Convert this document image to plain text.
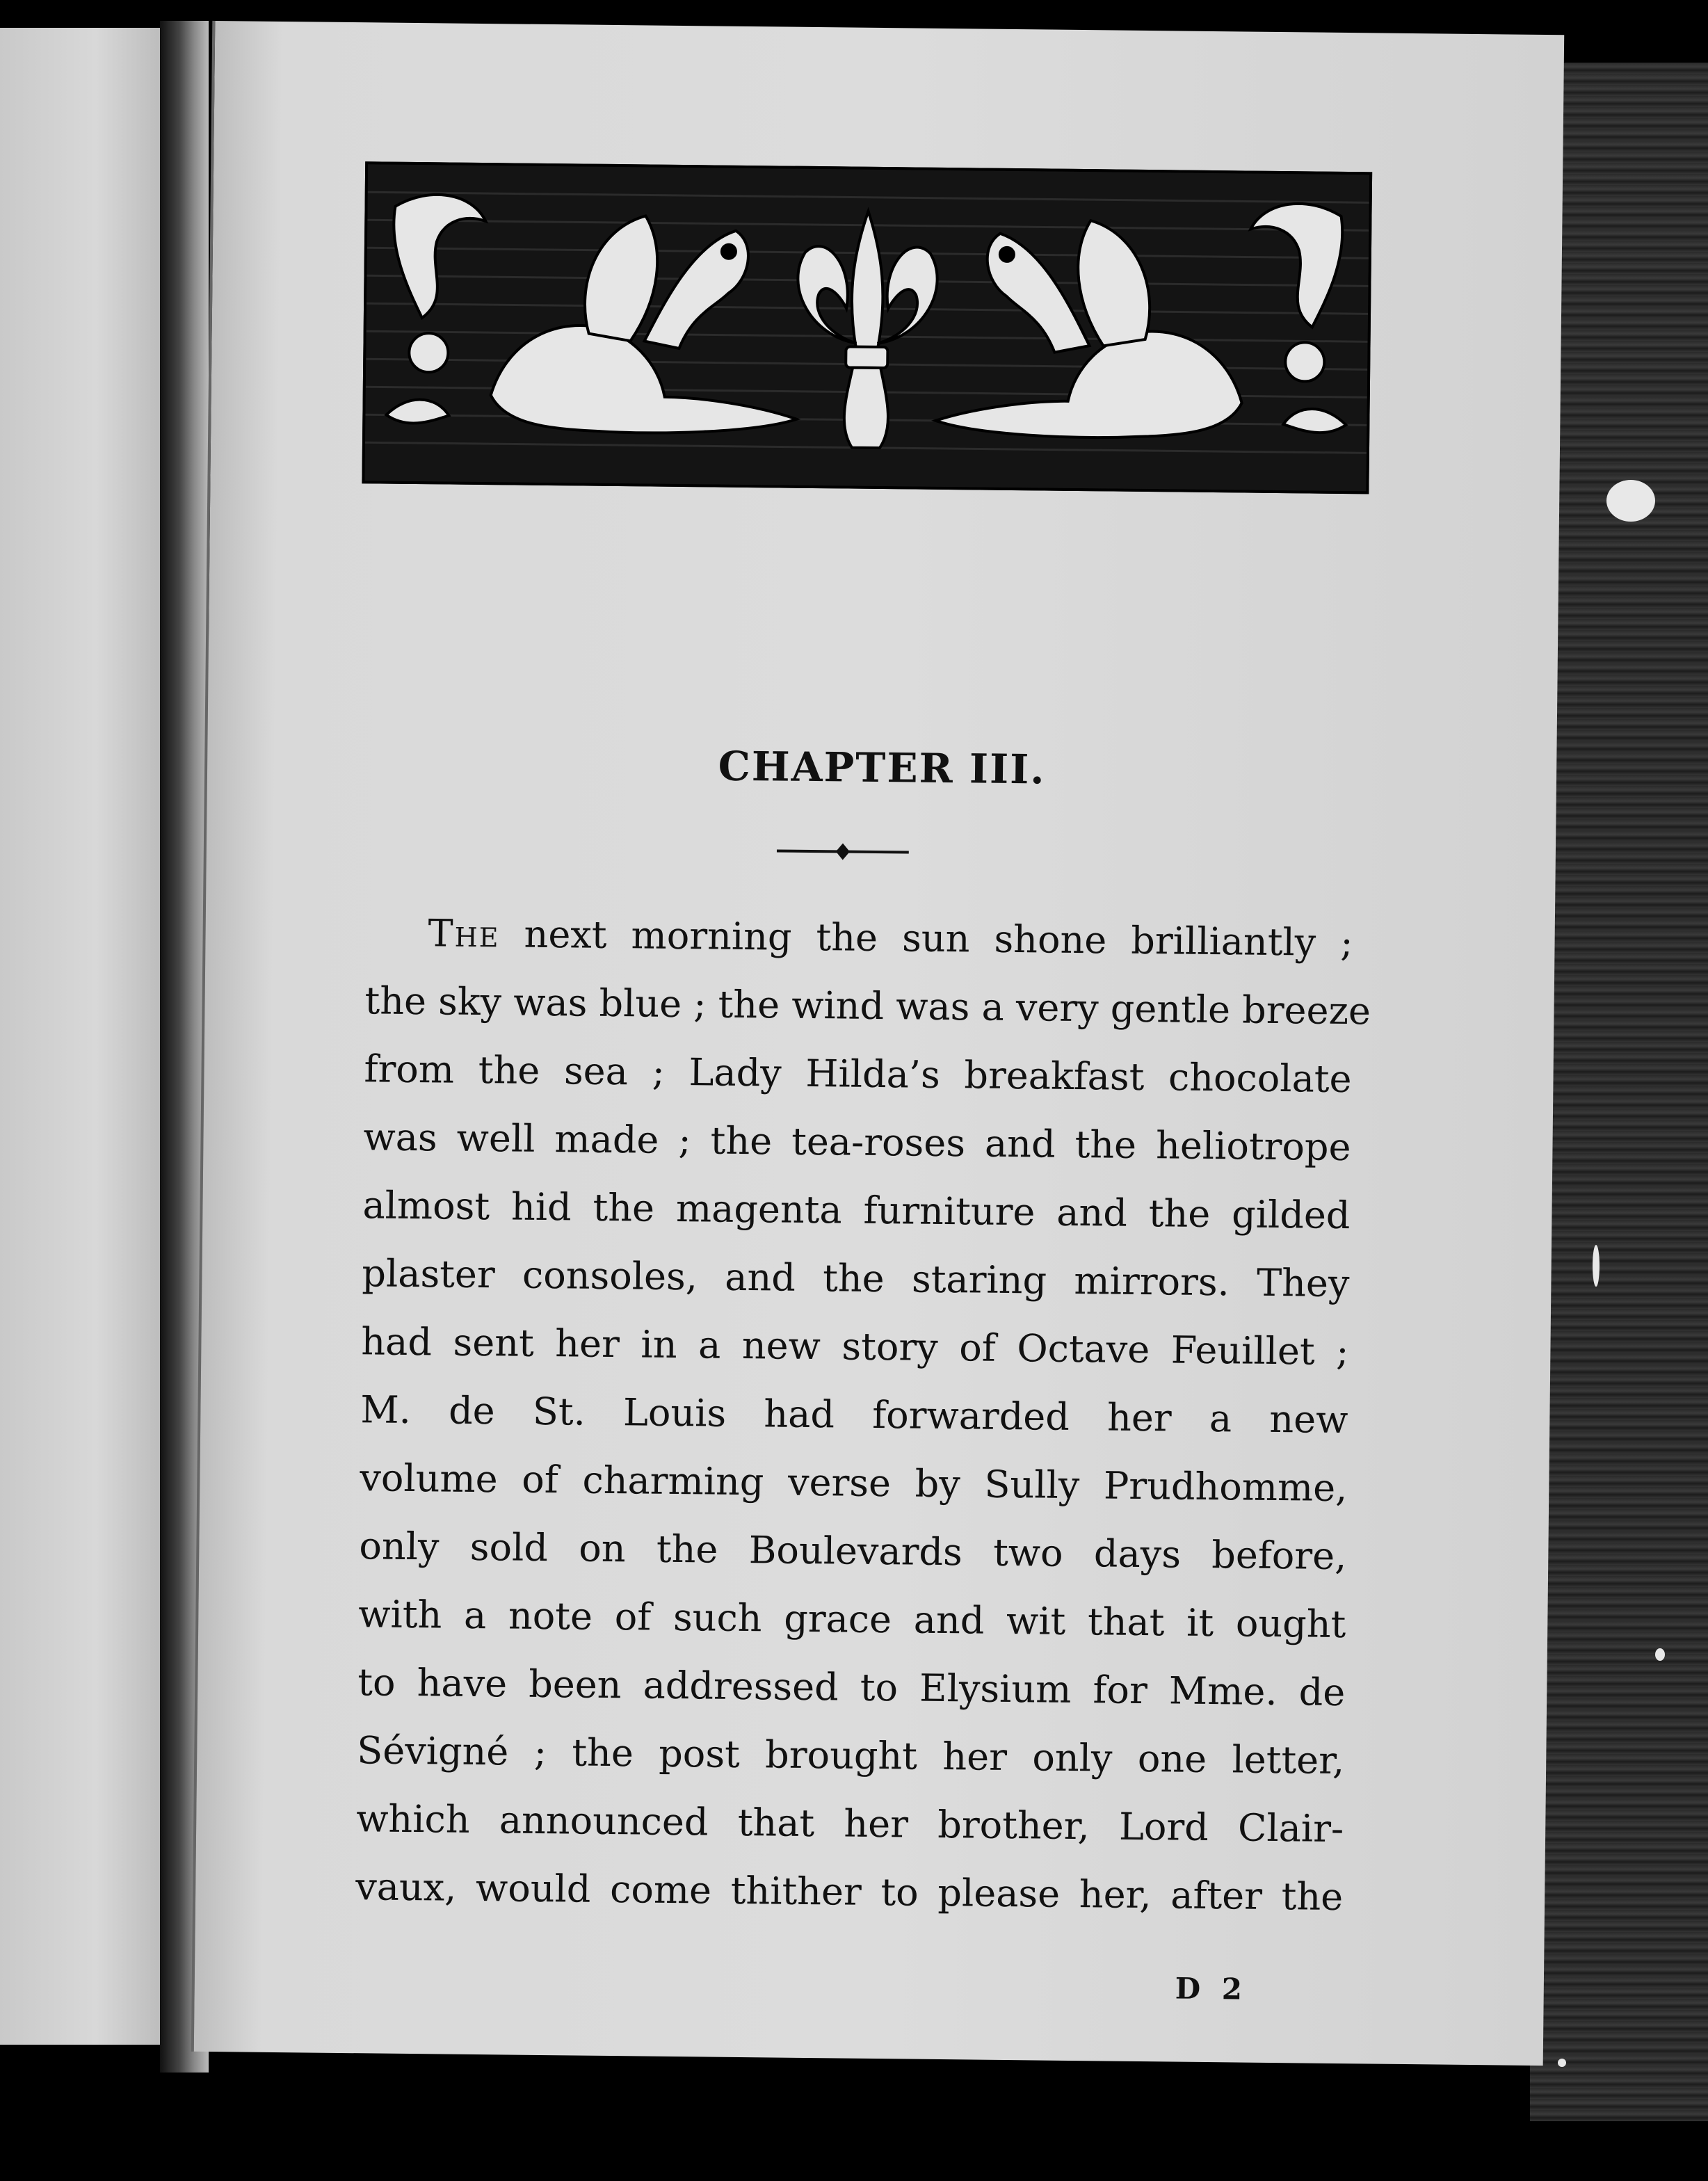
CHAPTER III.
The next morning the sun shone brilliantly ;
the sky was blue ; the wind was a very gentle breeze
from the sea ; Lady Hilda’s breakfast chocolate
was well made ; the tea-roses and the heliotrope
almost hid the magenta furniture and the gilded
plaster consoles, and the staring mirrors. They
had sent her in a new story of Octave Feuillet ;
M. de St. Louis had forwarded her a new
volume of charming verse by Sully Prudhomme,
only sold on the Boulevards two days before,
with a note of such grace and wit that it ought
to have been addressed to Elysium for Mme. de
Sévigné ; the post brought her only one letter,
which announced that her brother, Lord Clair-
vaux, would come thither to please her, after the
D 2
